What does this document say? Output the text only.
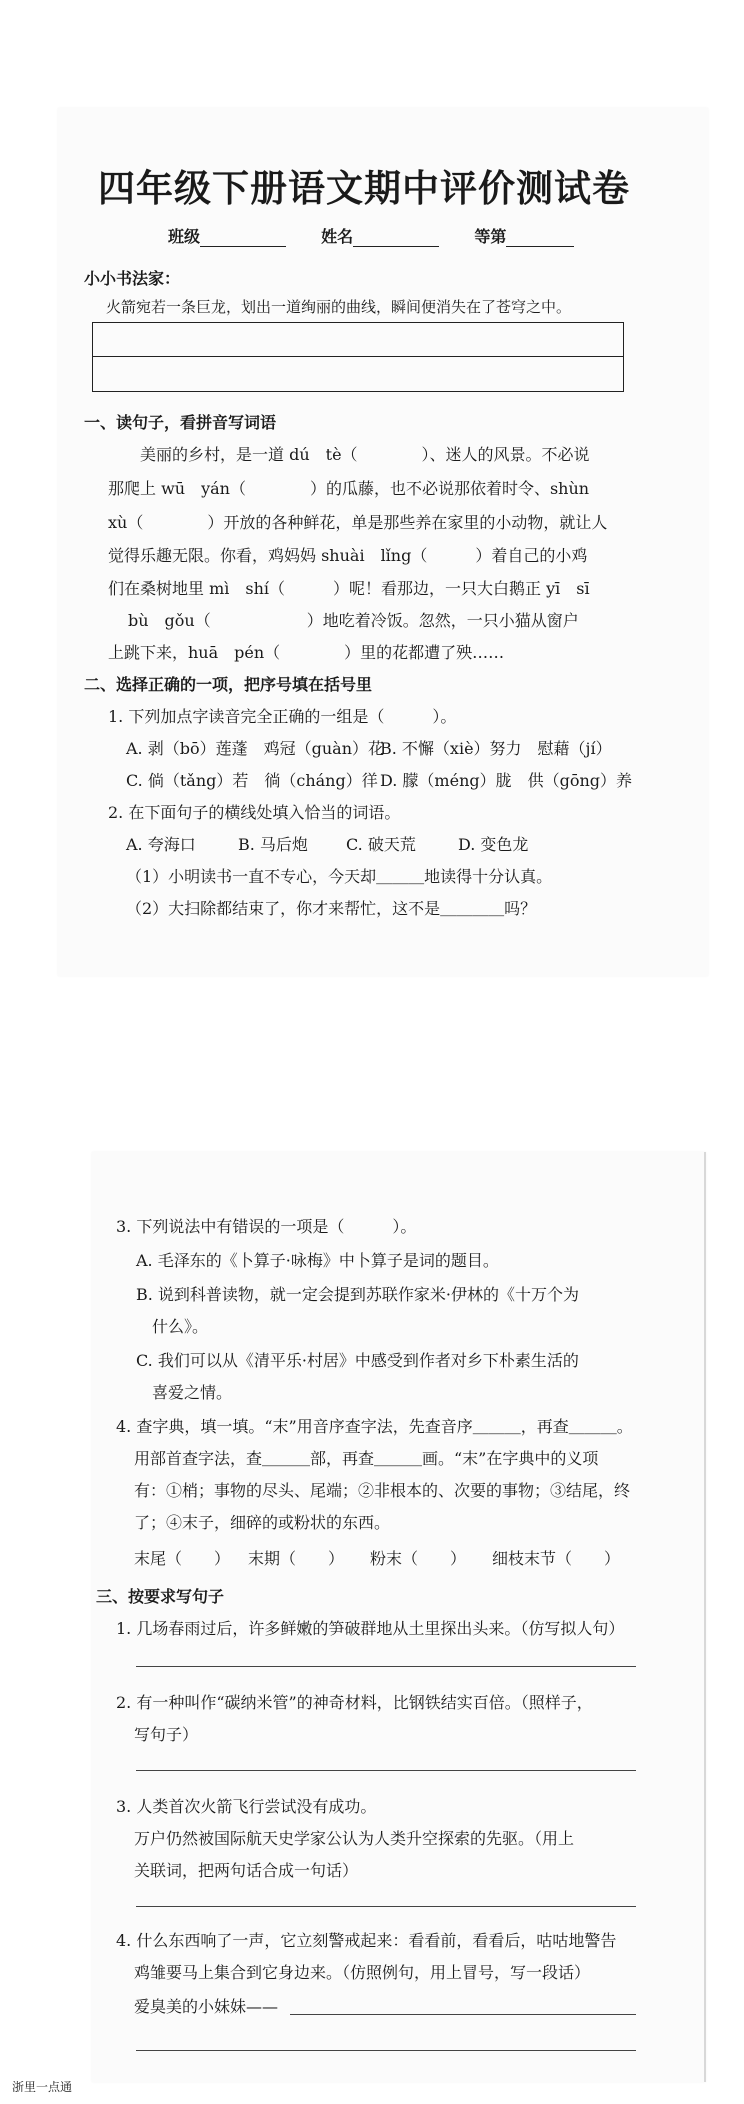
四年级下册语文期中评价测试卷
班级	姓名	等第
小小书法家：
火箭宛若一条巨龙，划出一道绚丽的曲线，瞬间便消失在了苍穹之中。
一、读句子，看拼音写词语
美丽的乡村，是一道 dú　tè（　　　　）、迷人的风景。不必说
那爬上 wū　yán（　　　　）的瓜藤，也不必说那依着时令、shùn
xù（　　　　）开放的各种鲜花，单是那些养在家里的小动物，就让人
觉得乐趣无限。你看，鸡妈妈 shuài　lǐng（　　　）着自己的小鸡
们在桑树地里 mì　shí（　　　）呢！看那边，一只大白鹅正 yī　sī
bù　gǒu（　　　　　　）地吃着冷饭。忽然，一只小猫从窗户
上跳下来，huā　pén（　　　　）里的花都遭了殃……
二、选择正确的一项，把序号填在括号里
1. 下列加点字读音完全正确的一组是（　　　）。
A. 剥（bō）莲蓬　鸡冠（guàn）花
B. 不懈（xiè）努力　慰藉（jí）
C. 倘（tǎng）若　徜（cháng）徉 D. 朦（méng）胧　供（gōng）养
2. 在下面句子的横线处填入恰当的词语。
A. 夸海口	B. 马后炮 C. 破天荒	D. 变色龙
（1）小明读书一直不专心，今天却＿＿＿地读得十分认真。
（2）大扫除都结束了，你才来帮忙，这不是＿＿＿＿吗？
3. 下列说法中有错误的一项是（　　　）。
A. 毛泽东的《卜算子·咏梅》中卜算子是词的题目。
B. 说到科普读物，就一定会提到苏联作家米·伊林的《十万个为
什么》。
C. 我们可以从《清平乐·村居》中感受到作者对乡下朴素生活的
喜爱之情。
4. 查字典，填一填。“末”用音序查字法，先查音序＿＿＿，再查＿＿＿。
用部首查字法，查＿＿＿部，再查＿＿＿画。“末”在字典中的义项
有：①梢；事物的尽头、尾端；②非根本的、次要的事物；③结尾，终
了；④末子，细碎的或粉状的东西。
末尾（　　） 末期（　　） 粉末（　　） 细枝末节（　　）
三、按要求写句子
1. 几场春雨过后，许多鲜嫩的笋破群地从土里探出头来。（仿写拟人句）
2. 有一种叫作“碳纳米管”的神奇材料，比钢铁结实百倍。（照样子，
写句子）
3. 人类首次火箭飞行尝试没有成功。
万户仍然被国际航天史学家公认为人类升空探索的先驱。（用上
关联词，把两句话合成一句话）
4. 什么东西响了一声，它立刻警戒起来：看看前，看看后，咕咕地警告
鸡雏要马上集合到它身边来。（仿照例句，用上冒号，写一段话）
爱臭美的小妹妹——
浙里一点通
